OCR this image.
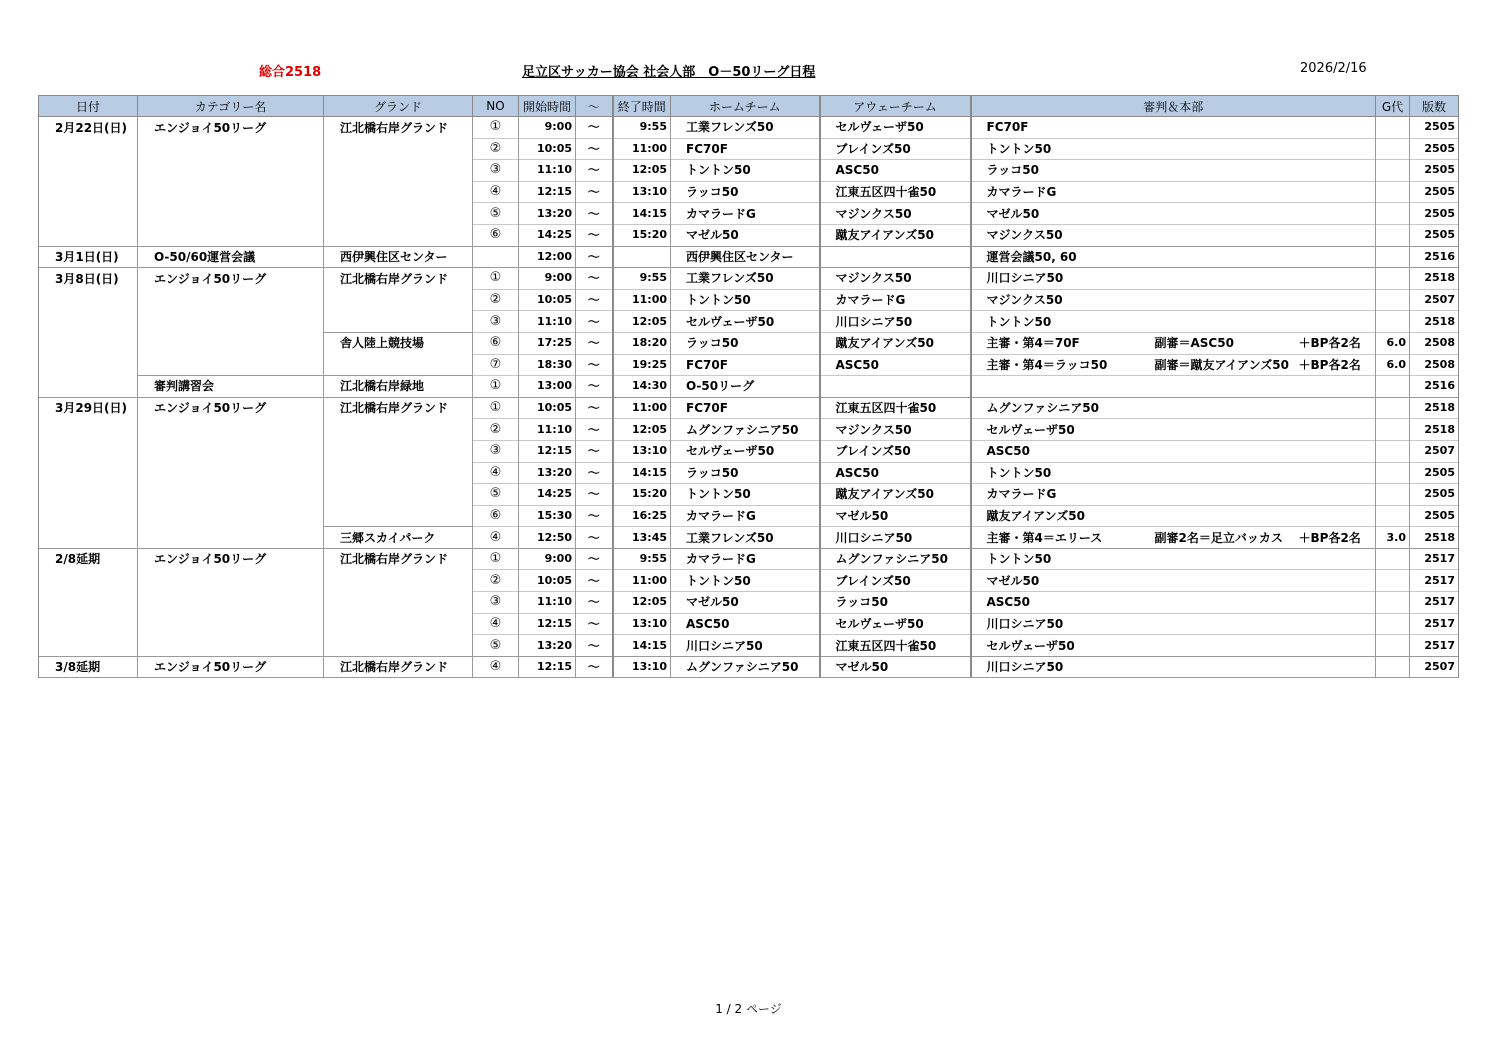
総合2518	足立区サッカー協会 社会人部　O－50リーグ日程	2026/2/16
日付	カテゴリー名	グランド	NO	開始時間	～	終了時間	ホームチーム	アウェーチーム	審判＆本部	G代	版数
2月22日(日)	エンジョイ50リーグ	江北橋右岸グランド	①	9:00	～	9:55	工業フレンズ50	セルヴェーザ50	FC70F		2505
			②	10:05	～	11:00	FC70F	ブレインズ50	トントン50		2505
			③	11:10	～	12:05	トントン50	ASC50	ラッコ50		2505
			④	12:15	～	13:10	ラッコ50	江東五区四十雀50	カマラードG		2505
			⑤	13:20	～	14:15	カマラードG	マジンクス50	マゼル50		2505
			⑥	14:25	～	15:20	マゼル50	蹴友アイアンズ50	マジンクス50		2505
3月1日(日)	O-50/60運営会議	西伊興住区センター		12:00	～		西伊興住区センター		運営会議50, 60		2516
3月8日(日)	エンジョイ50リーグ	江北橋右岸グランド	①	9:00	～	9:55	工業フレンズ50	マジンクス50	川口シニア50		2518
			②	10:05	～	11:00	トントン50	カマラードG	マジンクス50		2507
			③	11:10	～	12:05	セルヴェーザ50	川口シニア50	トントン50		2518
		舎人陸上競技場	⑥	17:25	～	18:20	ラッコ50	蹴友アイアンズ50	主審・第4＝70F 副審＝ASC50 ＋BP各2名	6.0	2508
			⑦	18:30	～	19:25	FC70F	ASC50	主審・第4＝ラッコ50 副審＝蹴友アイアンズ50 ＋BP各2名	6.0	2508
	審判講習会	江北橋右岸緑地	①	13:00	～	14:30	O-50リーグ				2516
3月29日(日)	エンジョイ50リーグ	江北橋右岸グランド	①	10:05	～	11:00	FC70F	江東五区四十雀50	ムグンファシニア50		2518
			②	11:10	～	12:05	ムグンファシニア50	マジンクス50	セルヴェーザ50		2518
			③	12:15	～	13:10	セルヴェーザ50	ブレインズ50	ASC50		2507
			④	13:20	～	14:15	ラッコ50	ASC50	トントン50		2505
			⑤	14:25	～	15:20	トントン50	蹴友アイアンズ50	カマラードG		2505
			⑥	15:30	～	16:25	カマラードG	マゼル50	蹴友アイアンズ50		2505
		三郷スカイパーク	④	12:50	～	13:45	工業フレンズ50	川口シニア50	主審・第4＝エリース 副審2名＝足立バッカス ＋BP各2名	3.0	2518
2/8延期	エンジョイ50リーグ	江北橋右岸グランド	①	9:00	～	9:55	カマラードG	ムグンファシニア50	トントン50		2517
			②	10:05	～	11:00	トントン50	ブレインズ50	マゼル50		2517
			③	11:10	～	12:05	マゼル50	ラッコ50	ASC50		2517
			④	12:15	～	13:10	ASC50	セルヴェーザ50	川口シニア50		2517
			⑤	13:20	～	14:15	川口シニア50	江東五区四十雀50	セルヴェーザ50		2517
3/8延期	エンジョイ50リーグ	江北橋右岸グランド	④	12:15	～	13:10	ムグンファシニア50	マゼル50	川口シニア50		2507
1 / 2 ページ
